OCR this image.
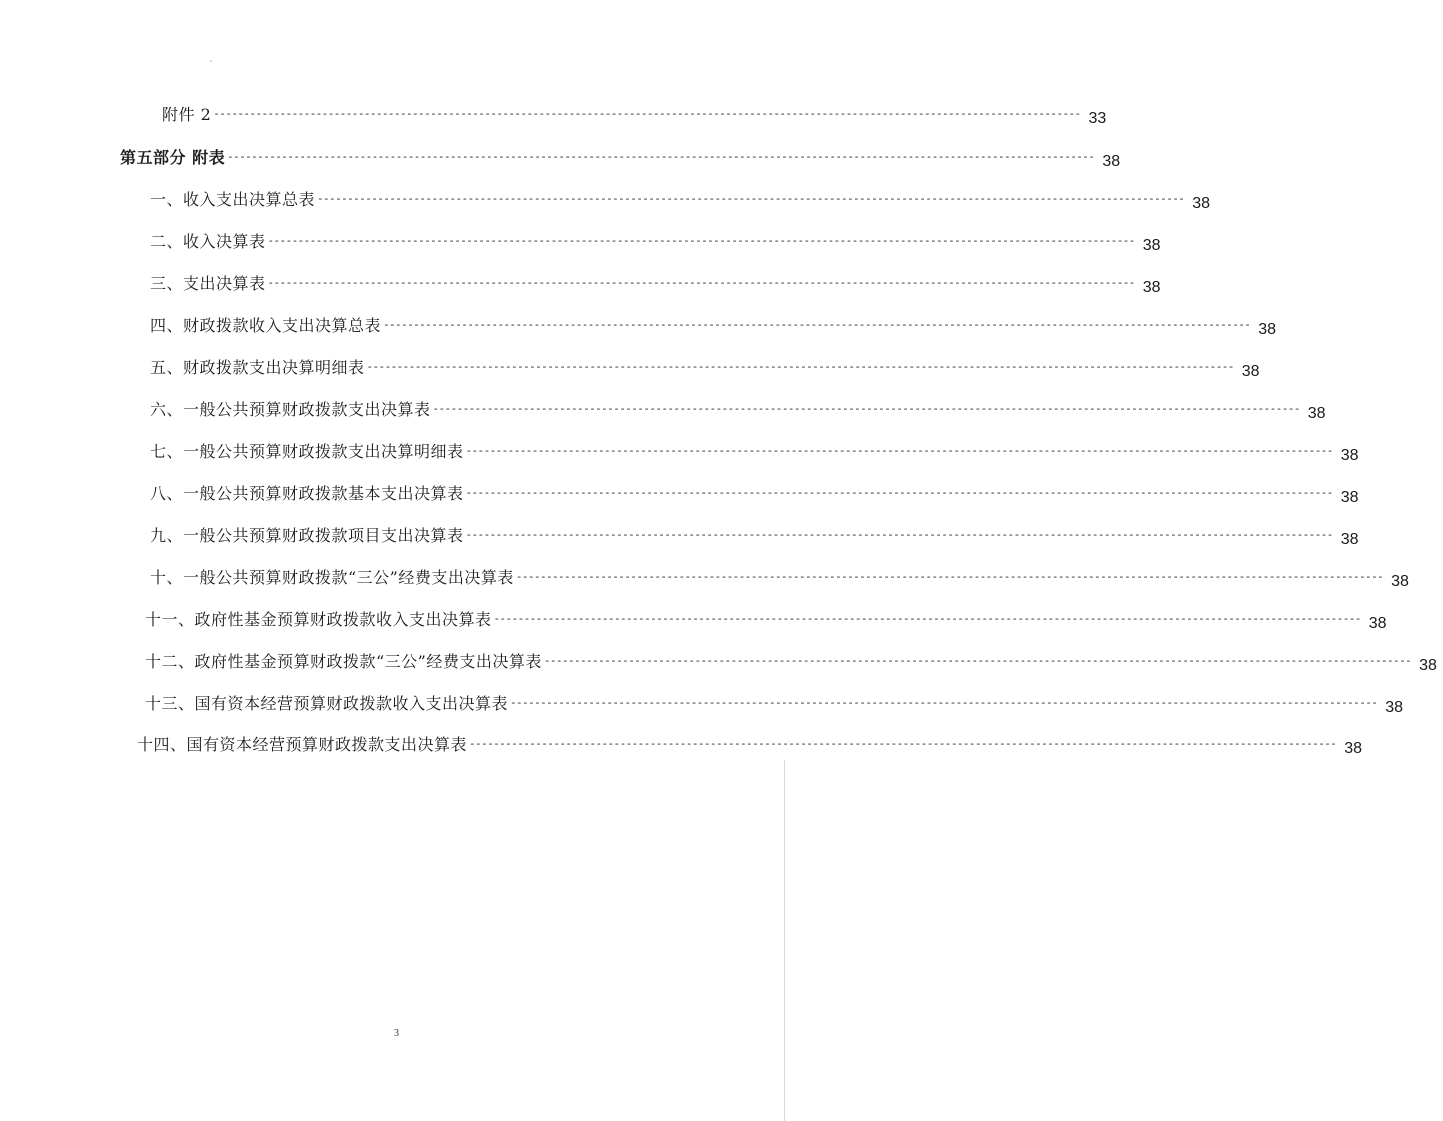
附件 2 ------------------------------------------------------------------------------------------------------------------------------------------------ 33
第五部分 附表 ------------------------------------------------------------------------------------------------------------------------------------------------ 38
一、收入支出决算总表 ------------------------------------------------------------------------------------------------------------------------------------------------ 38
二、收入决算表 ------------------------------------------------------------------------------------------------------------------------------------------------ 38
三、支出决算表 ------------------------------------------------------------------------------------------------------------------------------------------------ 38
四、财政拨款收入支出决算总表 ------------------------------------------------------------------------------------------------------------------------------------------------ 38
五、财政拨款支出决算明细表 ------------------------------------------------------------------------------------------------------------------------------------------------ 38
六、一般公共预算财政拨款支出决算表 ------------------------------------------------------------------------------------------------------------------------------------------------ 38
七、一般公共预算财政拨款支出决算明细表 ------------------------------------------------------------------------------------------------------------------------------------------------ 38
八、一般公共预算财政拨款基本支出决算表 ------------------------------------------------------------------------------------------------------------------------------------------------ 38
九、一般公共预算财政拨款项目支出决算表 ------------------------------------------------------------------------------------------------------------------------------------------------ 38
十、一般公共预算财政拨款“三公”经费支出决算表 ------------------------------------------------------------------------------------------------------------------------------------------------ 38
十一、政府性基金预算财政拨款收入支出决算表 ------------------------------------------------------------------------------------------------------------------------------------------------ 38
十二、政府性基金预算财政拨款“三公”经费支出决算表 ------------------------------------------------------------------------------------------------------------------------------------------------ 38
十三、国有资本经营预算财政拨款收入支出决算表 ------------------------------------------------------------------------------------------------------------------------------------------------ 38
十四、国有资本经营预算财政拨款支出决算表 ------------------------------------------------------------------------------------------------------------------------------------------------ 38
3
